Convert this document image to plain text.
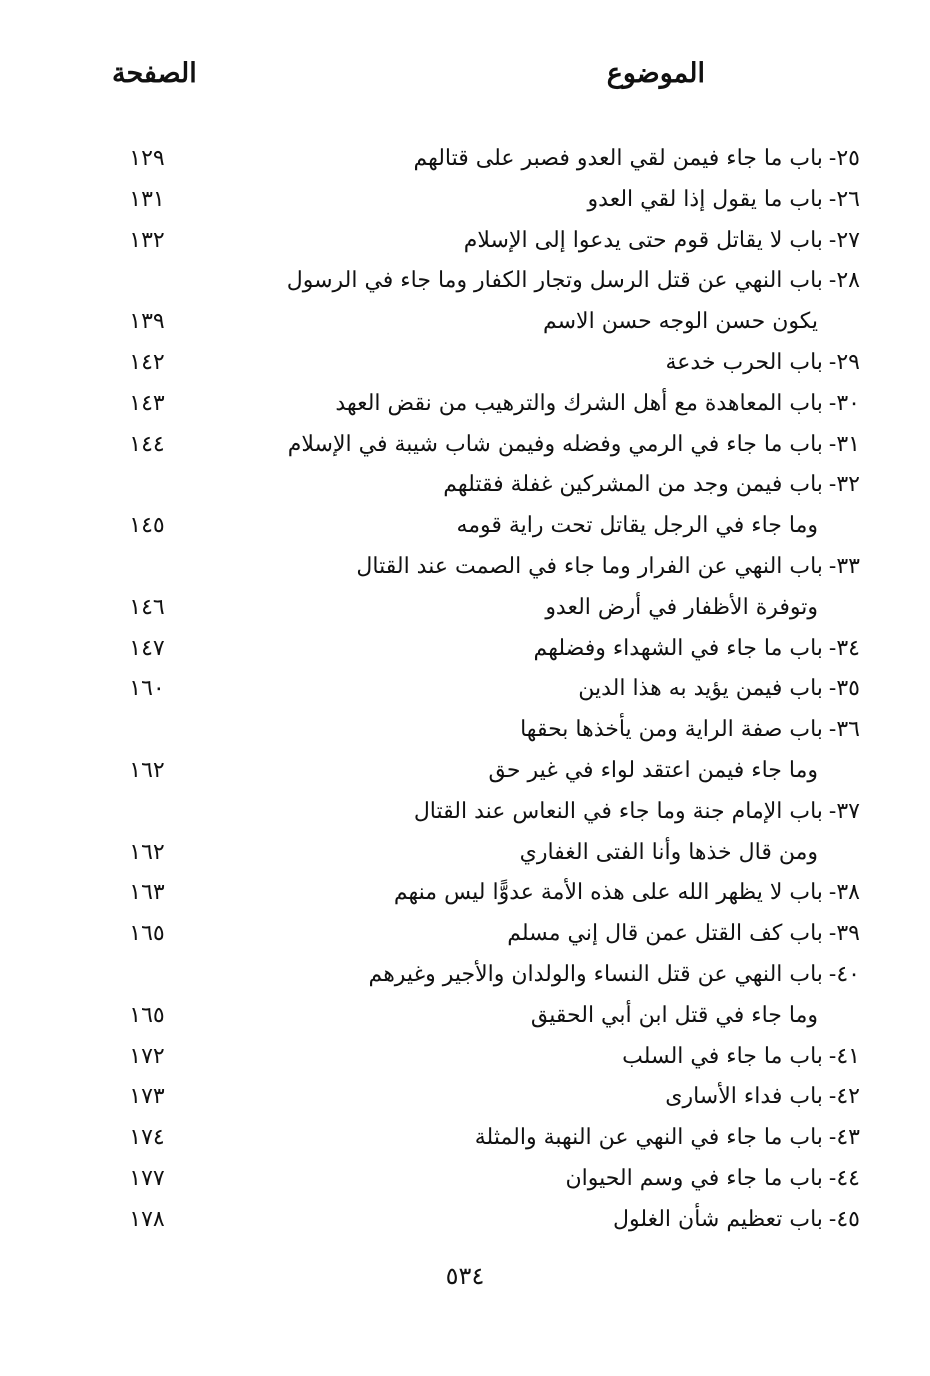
الموضوع
الصفحة
٢٥-باب ما جاء فيمن لقي العدو فصبر على قتالهم
١٢٩
٢٦-باب ما يقول إذا لقي العدو
١٣١
٢٧-باب لا يقاتل قوم حتى يدعوا إلى الإسلام
١٣٢
٢٨-باب النهي عن قتل الرسل وتجار الكفار وما جاء في الرسول
يكون حسن الوجه حسن الاسم
١٣٩
٢٩-باب الحرب خدعة
١٤٢
٣٠-باب المعاهدة مع أهل الشرك والترهيب من نقض العهد
١٤٣
٣١-باب ما جاء في الرمي وفضله وفيمن شاب شيبة في الإسلام
١٤٤
٣٢-باب فيمن وجد من المشركين غفلة فقتلهم
وما جاء في الرجل يقاتل تحت راية قومه
١٤٥
٣٣-باب النهي عن الفرار وما جاء في الصمت عند القتال
وتوفرة الأظفار في أرض العدو
١٤٦
٣٤-باب ما جاء في الشهداء وفضلهم
١٤٧
٣٥-باب فيمن يؤيد به هذا الدين
١٦٠
٣٦-باب صفة الراية ومن يأخذها بحقها
وما جاء فيمن اعتقد لواء في غير حق
١٦٢
٣٧-باب الإمام جنة وما جاء في النعاس عند القتال
ومن قال خذها وأنا الفتى الغفاري
١٦٢
٣٨-باب لا يظهر الله على هذه الأمة عدوًّا ليس منهم
١٦٣
٣٩-باب كف القتل عمن قال إني مسلم
١٦٥
٤٠-باب النهي عن قتل النساء والولدان والأجير وغيرهم
وما جاء في قتل ابن أبي الحقيق
١٦٥
٤١-باب ما جاء في السلب
١٧٢
٤٢-باب فداء الأسارى
١٧٣
٤٣-باب ما جاء في النهي عن النهبة والمثلة
١٧٤
٤٤-باب ما جاء في وسم الحيوان
١٧٧
٤٥-باب تعظيم شأن الغلول
١٧٨
٥٣٤
